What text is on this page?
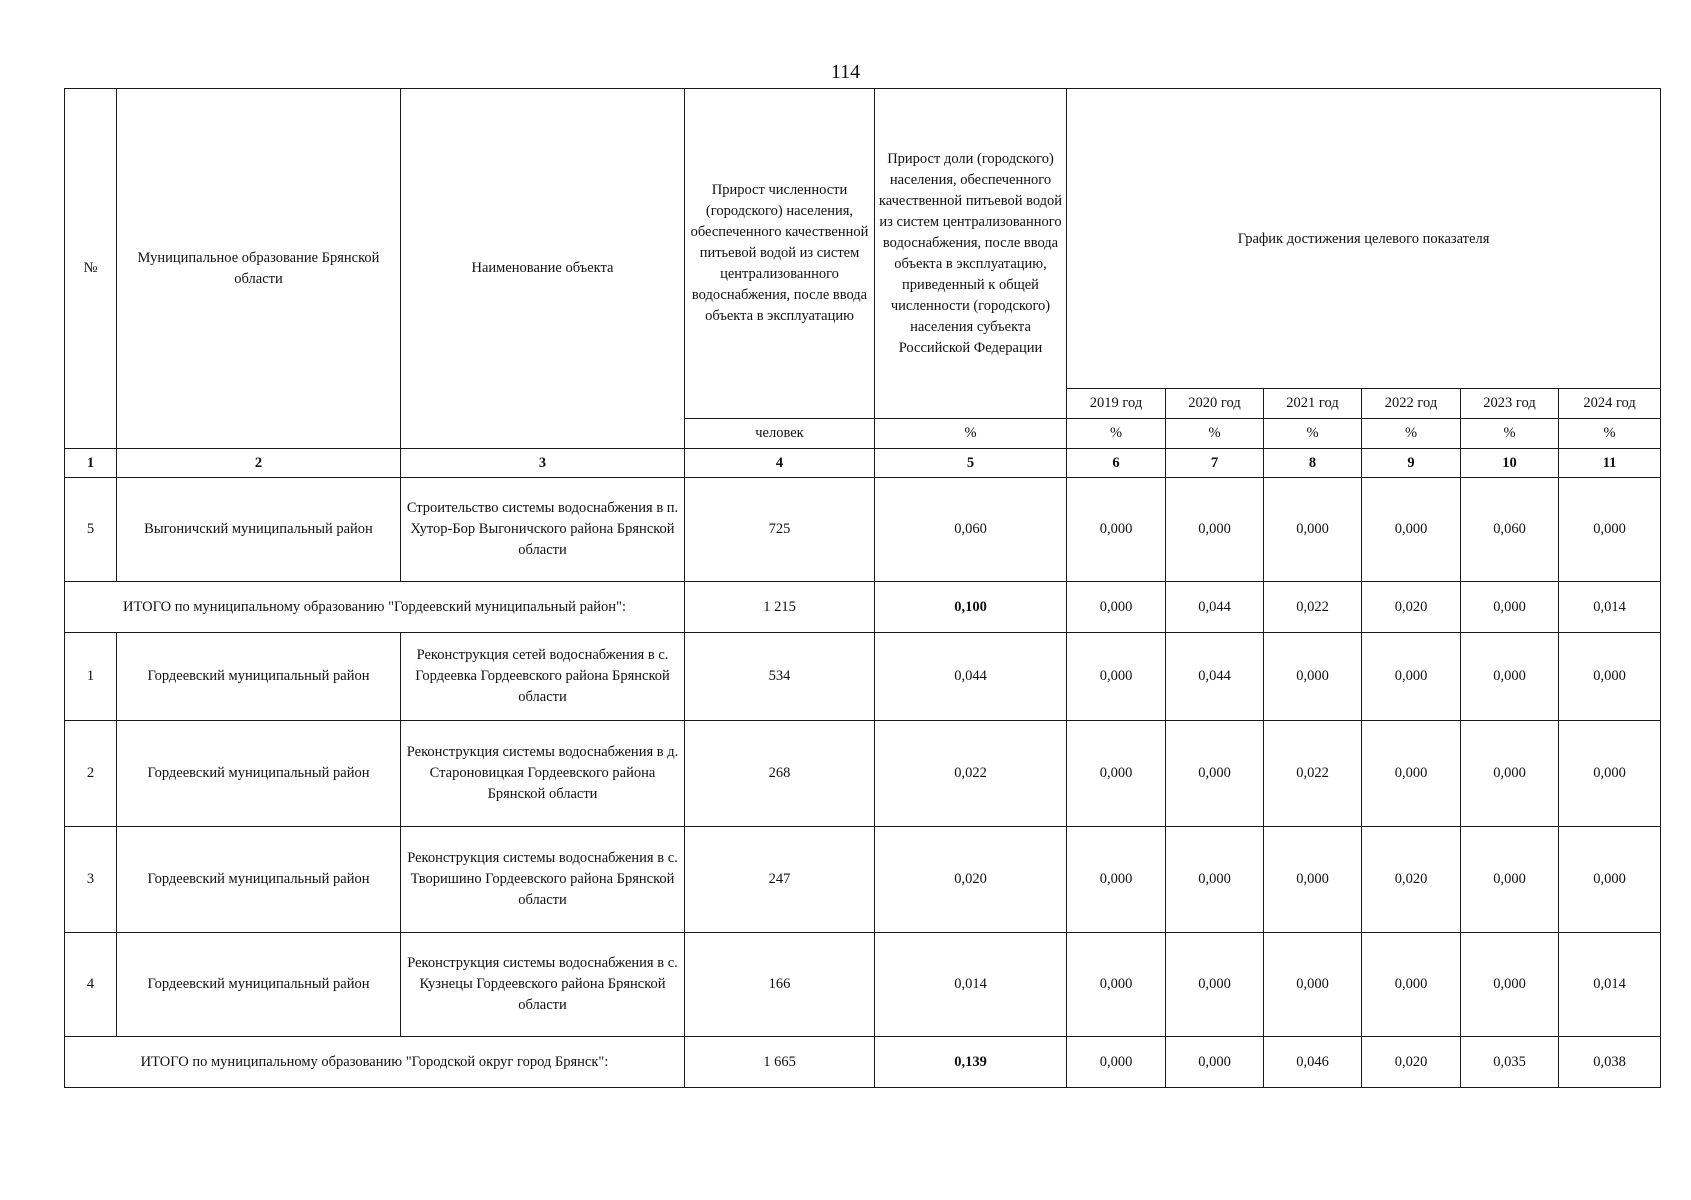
114
№	Муниципальное образование Брянской области	Наименование объекта	Прирост численности (городского) населения, обеспеченного качественной питьевой водой из систем централизованного водоснабжения, после ввода объекта в эксплуатацию	Прирост доли (городского) населения, обеспеченного качественной питьевой водой из систем централизованного водоснабжения, после ввода объекта в эксплуатацию, приведенный к общей численности (городского) населения субъекта Российской Федерации	График достижения целевого показателя					
					2019 год	2020 год	2021 год	2022 год	2023 год	2024 год
			человек	%	%	%	%	%	%	%
1	2	3	4	5	6	7	8	9	10	11
5	Выгоничский муниципальный район	Строительство системы водоснабжения в п. Хутор-Бор Выгоничского района Брянской области	725	0,060	0,000	0,000	0,000	0,000	0,060	0,000
ИТОГО по муниципальному образованию "Гордеевский муниципальный район":			1 215	0,100	0,000	0,044	0,022	0,020	0,000	0,014
1	Гордеевский муниципальный район	Реконструкция сетей водоснабжения в с. Гордеевка Гордеевского района Брянской области	534	0,044	0,000	0,044	0,000	0,000	0,000	0,000
2	Гордеевский муниципальный район	Реконструкция системы водоснабжения в д. Староновицкая Гордеевского района Брянской области	268	0,022	0,000	0,000	0,022	0,000	0,000	0,000
3	Гордеевский муниципальный район	Реконструкция системы водоснабжения в с. Творишино Гордеевского района Брянской области	247	0,020	0,000	0,000	0,000	0,020	0,000	0,000
4	Гордеевский муниципальный район	Реконструкция системы водоснабжения в с. Кузнецы Гордеевского района Брянской области	166	0,014	0,000	0,000	0,000	0,000	0,000	0,014
ИТОГО по муниципальному образованию "Городской округ город Брянск":			1 665	0,139	0,000	0,000	0,046	0,020	0,035	0,038
